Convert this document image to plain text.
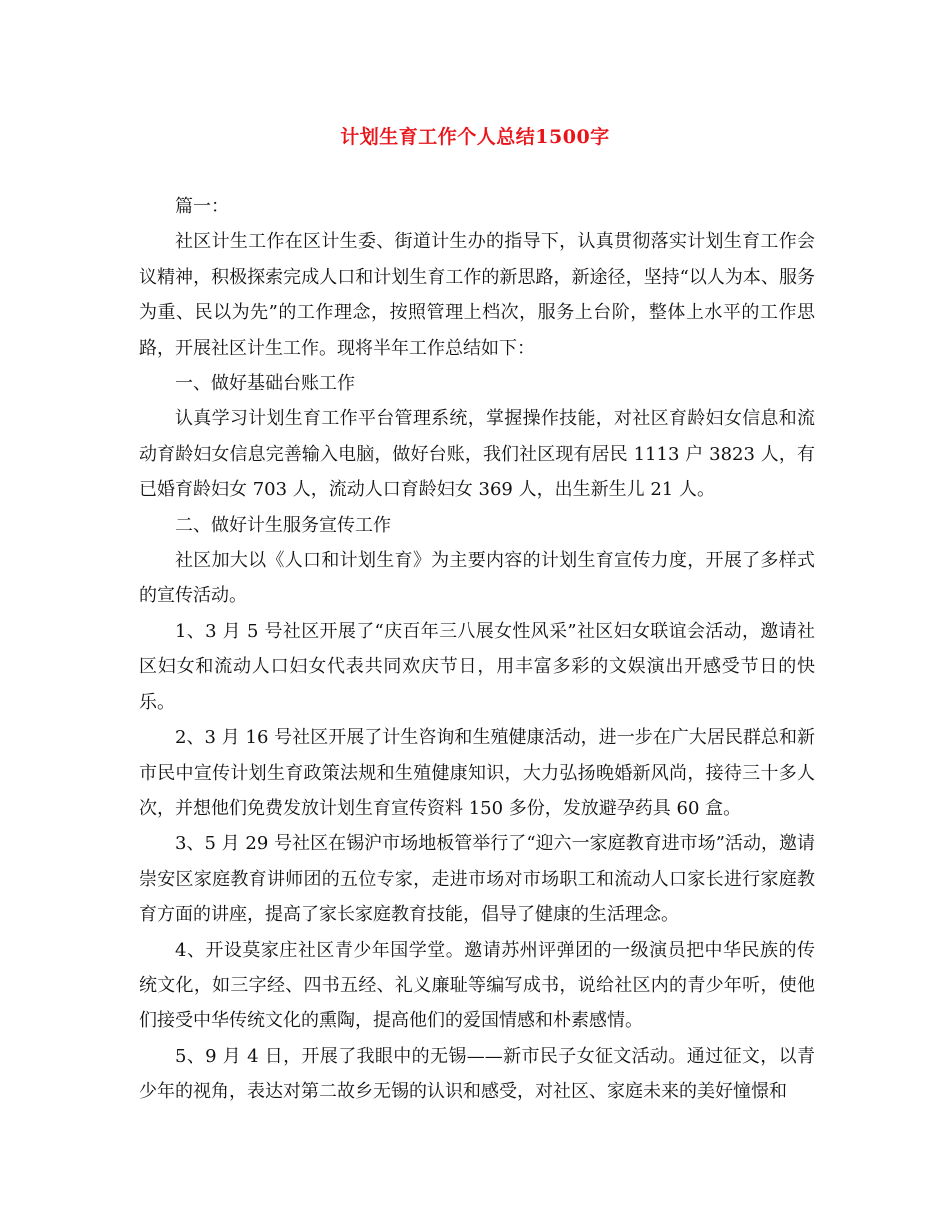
计划生育工作个人总结1500字

篇一：

社区计生工作在区计生委、街道计生办的指导下，认真贯彻落实计划生育工作会议精神，积极探索完成人口和计划生育工作的新思路，新途径，坚持“以人为本、服务为重、民以为先”的工作理念，按照管理上档次，服务上台阶，整体上水平的工作思路，开展社区计生工作。现将半年工作总结如下：

一、做好基础台账工作

认真学习计划生育工作平台管理系统，掌握操作技能，对社区育龄妇女信息和流动育龄妇女信息完善输入电脑，做好台账，我们社区现有居民 1113 户 3823 人，有已婚育龄妇女 703 人，流动人口育龄妇女 369 人，出生新生儿 21 人。

二、做好计生服务宣传工作

社区加大以《人口和计划生育》为主要内容的计划生育宣传力度，开展了多样式的宣传活动。

1、3 月 5 号社区开展了“庆百年三八展女性风采”社区妇女联谊会活动，邀请社区妇女和流动人口妇女代表共同欢庆节日，用丰富多彩的文娱演出开感受节日的快乐。

2、3 月 16 号社区开展了计生咨询和生殖健康活动，进一步在广大居民群总和新市民中宣传计划生育政策法规和生殖健康知识，大力弘扬晚婚新风尚，接待三十多人次，并想他们免费发放计划生育宣传资料 150 多份，发放避孕药具 60 盒。

3、5 月 29 号社区在锡沪市场地板管举行了“迎六一家庭教育进市场”活动，邀请崇安区家庭教育讲师团的五位专家，走进市场对市场职工和流动人口家长进行家庭教育方面的讲座，提高了家长家庭教育技能，倡导了健康的生活理念。

4、开设莫家庄社区青少年国学堂。邀请苏州评弹团的一级演员把中华民族的传统文化，如三字经、四书五经、礼义廉耻等编写成书，说给社区内的青少年听，使他们接受中华传统文化的熏陶，提高他们的爱国情感和朴素感情。

5、9 月 4 日，开展了我眼中的无锡——新市民子女征文活动。通过征文，以青少年的视角，表达对第二故乡无锡的认识和感受，对社区、家庭未来的美好憧憬和
